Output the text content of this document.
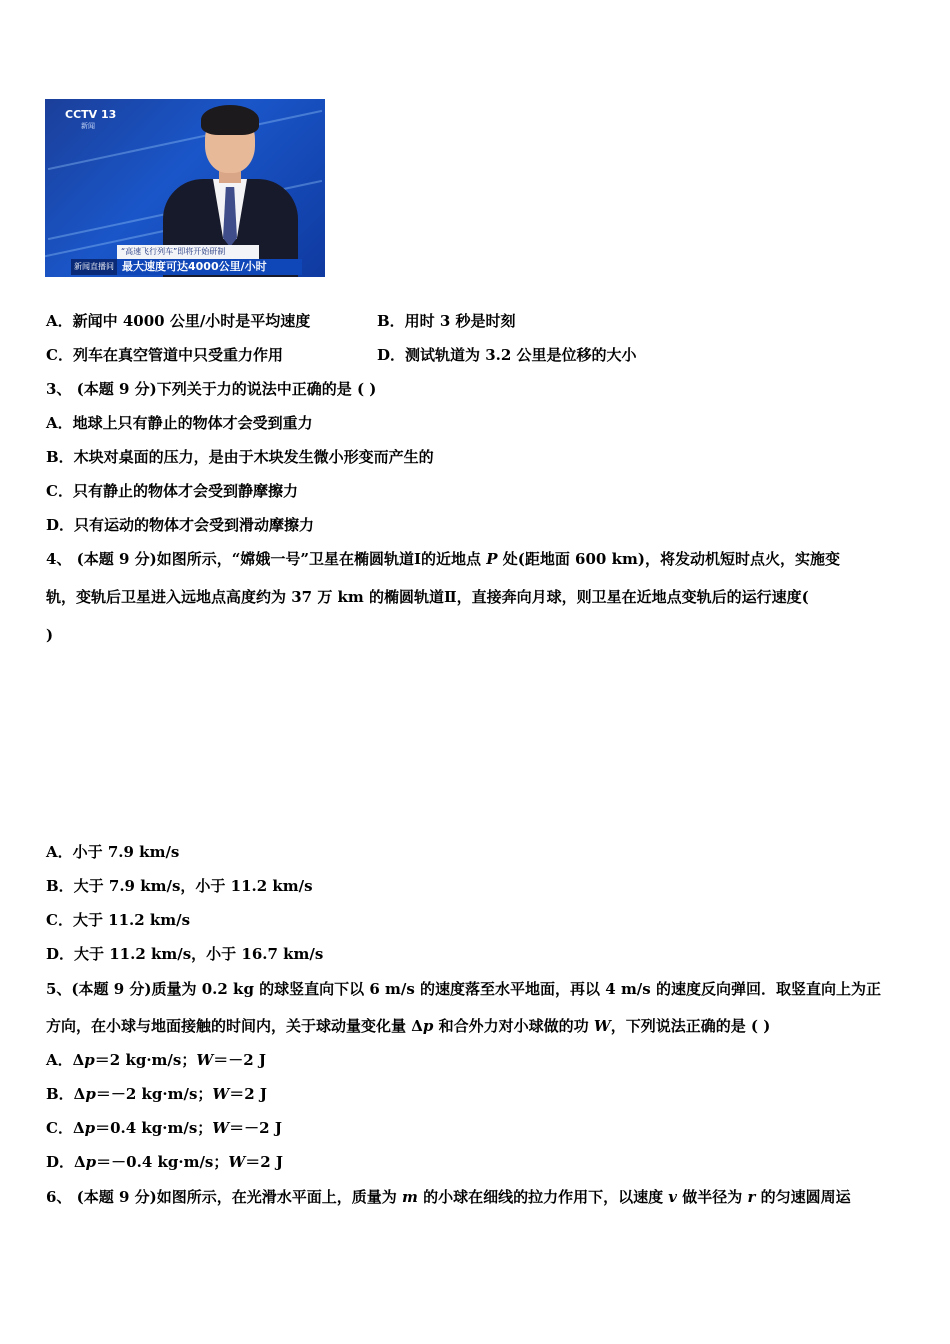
CCTV 13
新闻
“高速飞行列车”即将开始研制
新闻直播间 最大速度可达4000公里/小时
A．新闻中 4000 公里/小时是平均速度	B．用时 3 秒是时刻
C．列车在真空管道中只受重力作用	D．测试轨道为 3.2 公里是位移的大小
3、 (本题 9 分)下列关于力的说法中正确的是 ( )
A．地球上只有静止的物体才会受到重力
B．木块对桌面的压力，是由于木块发生微小形变而产生的
C．只有静止的物体才会受到静摩擦力
D．只有运动的物体才会受到滑动摩擦力
4、 (本题 9 分)如图所示，“嫦娥一号”卫星在椭圆轨道Ⅰ的近地点 P 处(距地面 600 km)，将发动机短时点火，实施变
轨，变轨后卫星进入远地点高度约为 37 万 km 的椭圆轨道Ⅱ，直接奔向月球，则卫星在近地点变轨后的运行速度(
)
A．小于 7.9 km/s
B．大于 7.9 km/s，小于 11.2 km/s
C．大于 11.2 km/s
D．大于 11.2 km/s，小于 16.7 km/s
5、(本题 9 分)质量为 0.2 kg 的球竖直向下以 6 m/s 的速度落至水平地面，再以 4 m/s 的速度反向弹回．取竖直向上为正
方向，在小球与地面接触的时间内，关于球动量变化量 Δp 和合外力对小球做的功 W，下列说法正确的是 ( )
A．Δp＝2 kg·m/s；W＝－2 J
B．Δp＝－2 kg·m/s；W＝2 J
C．Δp＝0.4 kg·m/s；W＝－2 J
D．Δp＝－0.4 kg·m/s；W＝2 J
6、 (本题 9 分)如图所示，在光滑水平面上，质量为 m 的小球在细线的拉力作用下，以速度 v 做半径为 r 的匀速圆周运
